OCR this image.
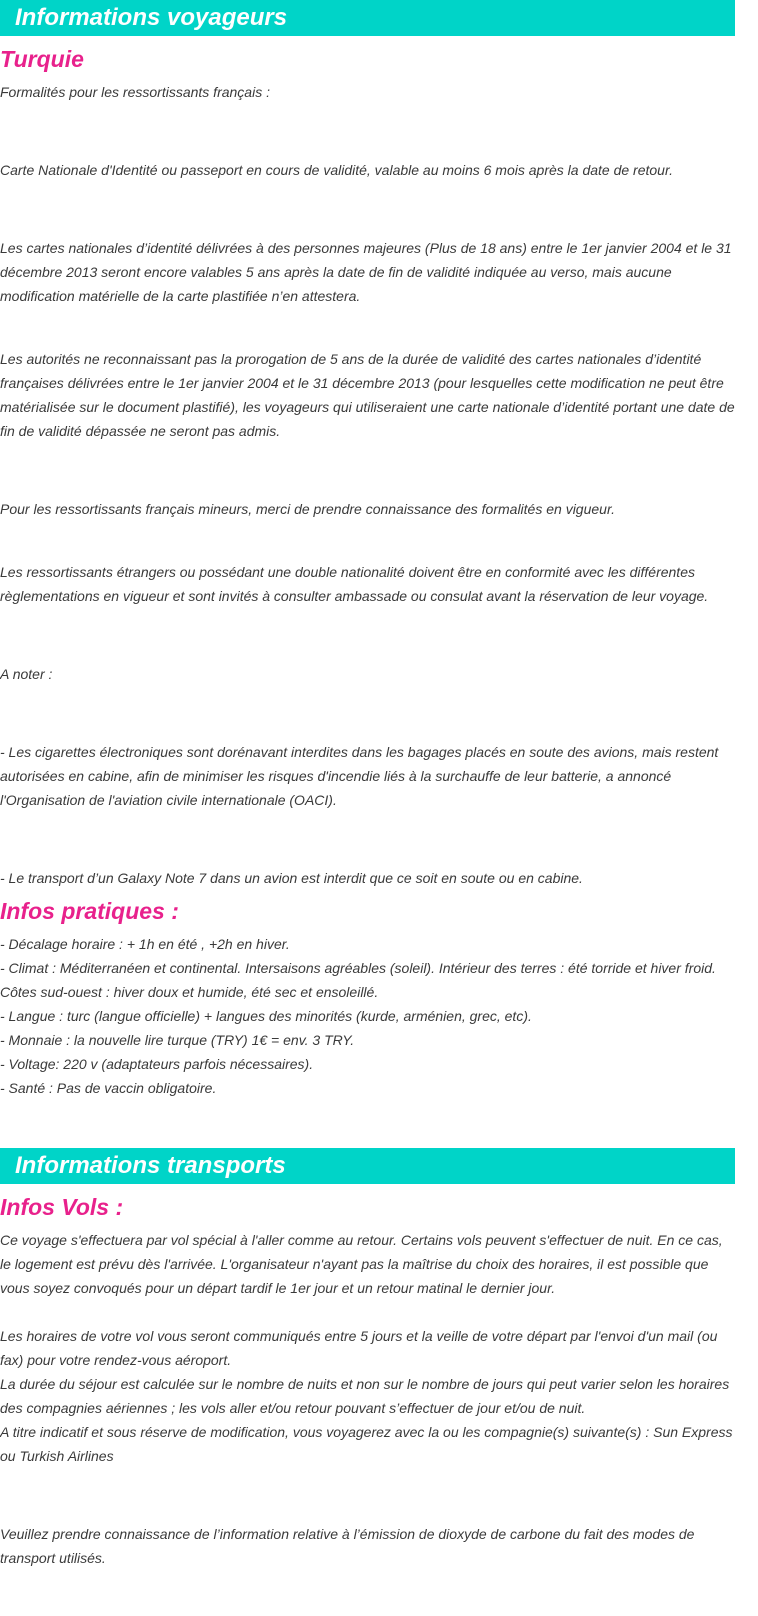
Informations voyageurs
Turquie

Formalités pour les ressortissants français :

Carte Nationale d'Identité ou passeport en cours de validité, valable au moins 6 mois après la date de retour.

Les cartes nationales d’identité délivrées à des personnes majeures (Plus de 18 ans) entre le 1er janvier 2004 et le 31 décembre 2013 seront encore valables 5 ans après la date de fin de validité indiquée au verso, mais aucune modification matérielle de la carte plastifiée n’en attestera.

Les autorités ne reconnaissant pas la prorogation de 5 ans de la durée de validité des cartes nationales d’identité françaises délivrées entre le 1er janvier 2004 et le 31 décembre 2013 (pour lesquelles cette modification ne peut être matérialisée sur le document plastifié), les voyageurs qui utiliseraient une carte nationale d’identité portant une date de fin de validité dépassée ne seront pas admis.

Pour les ressortissants français mineurs, merci de prendre connaissance des formalités en vigueur.

Les ressortissants étrangers ou possédant une double nationalité doivent être en conformité avec les différentes règlementations en vigueur et sont invités à consulter ambassade ou consulat avant la réservation de leur voyage.

A noter :

- Les cigarettes électroniques sont dorénavant interdites dans les bagages placés en soute des avions, mais restent autorisées en cabine, afin de minimiser les risques d'incendie liés à la surchauffe de leur batterie, a annoncé l'Organisation de l'aviation civile internationale (OACI).

- Le transport d’un Galaxy Note 7 dans un avion est interdit que ce soit en soute ou en cabine.

Infos pratiques :

- Décalage horaire : + 1h en été , +2h en hiver.

- Climat : Méditerranéen et continental. Intersaisons agréables (soleil). Intérieur des terres : été torride et hiver froid.

Côtes sud-ouest : hiver doux et humide, été sec et ensoleillé.

- Langue : turc (langue officielle) + langues des minorités (kurde, arménien, grec, etc).

- Monnaie : la nouvelle lire turque (TRY) 1€ = env. 3 TRY.

- Voltage: 220 v (adaptateurs parfois nécessaires).

- Santé : Pas de vaccin obligatoire.

Informations transports
Infos Vols :

Ce voyage s'effectuera par vol spécial à l'aller comme au retour. Certains vols peuvent s'effectuer de nuit. En ce cas, le logement est prévu dès l'arrivée. L'organisateur n'ayant pas la maîtrise du choix des horaires, il est possible que vous soyez convoqués pour un départ tardif le 1er jour et un retour matinal le dernier jour.

Les horaires de votre vol vous seront communiqués entre 5 jours et la veille de votre départ par l'envoi d'un mail (ou fax) pour votre rendez-vous aéroport.

La durée du séjour est calculée sur le nombre de nuits et non sur le nombre de jours qui peut varier selon les horaires des compagnies aériennes ; les vols aller et/ou retour pouvant s’effectuer de jour et/ou de nuit.

A titre indicatif et sous réserve de modification, vous voyagerez avec la ou les compagnie(s) suivante(s) : Sun Express ou Turkish Airlines

Veuillez prendre connaissance de l’information relative à l’émission de dioxyde de carbone du fait des modes de transport utilisés.
